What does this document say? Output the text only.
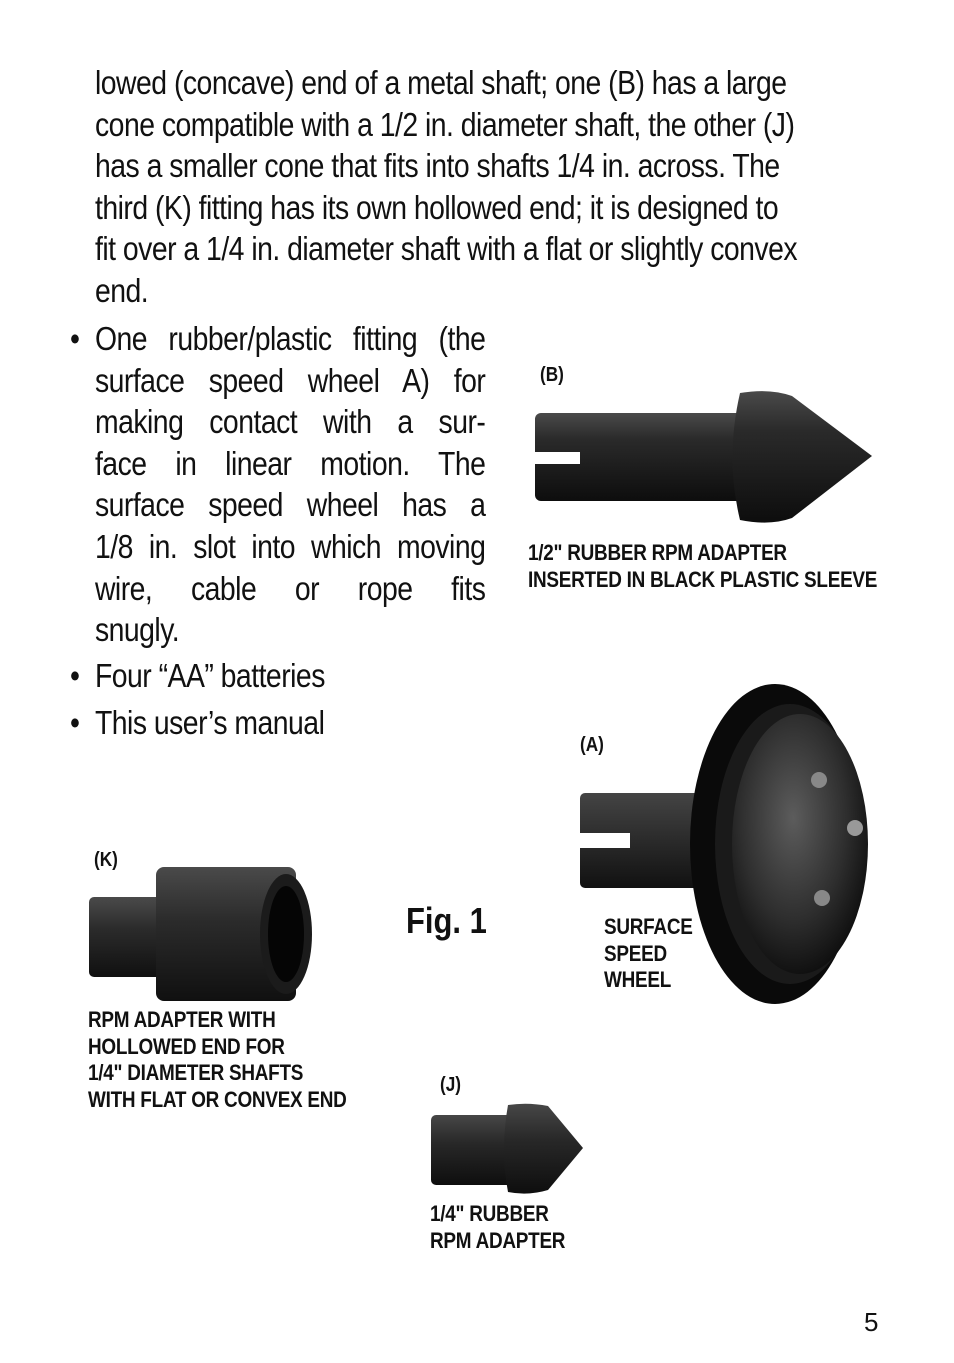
lowed (concave) end of a metal shaft; one (B) has a large
cone compatible with a 1/2 in. diameter shaft, the other (J)
has a smaller cone that fits into shafts 1/4 in. across. The
third (K) fitting has its own hollowed end; it is designed to
fit over a 1/4 in. diameter shaft with a flat or slightly convex
end.
• One rubber/plastic fitting (the
surface speed wheel A) for
making contact with a sur-
face in linear motion. The
surface speed wheel has a
1/8 in. slot into which moving
wire, cable or rope fits
snugly.
• Four “AA” batteries
• This user’s manual
(B)
1/2" RUBBER RPM ADAPTER
INSERTED IN BLACK PLASTIC SLEEVE
(A)
SURFACE
SPEED
WHEEL
Fig. 1
(K)
RPM ADAPTER WITH
HOLLOWED END FOR
1/4" DIAMETER SHAFTS
WITH FLAT OR CONVEX END
(J)
1/4" RUBBER
RPM ADAPTER
5
